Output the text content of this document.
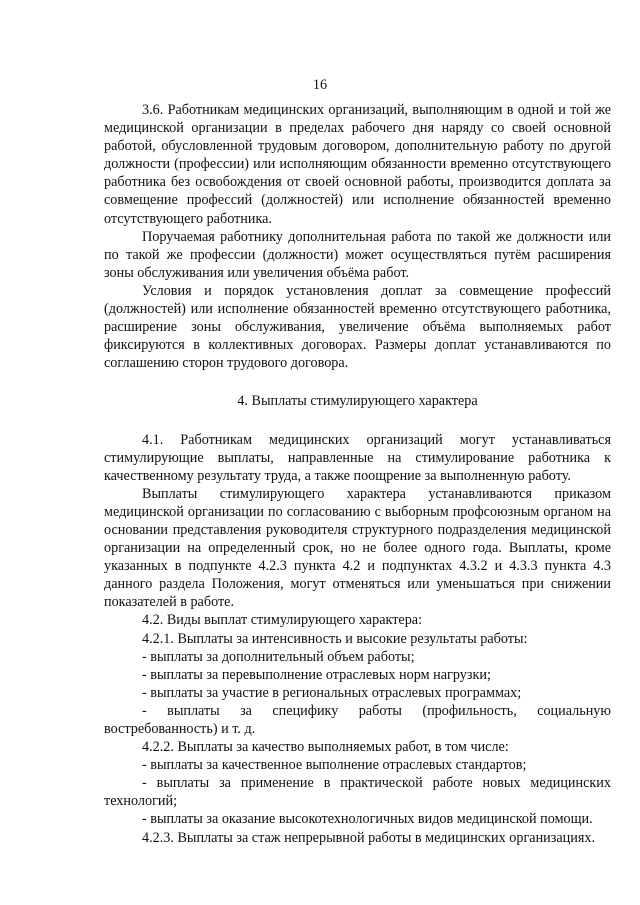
16

3.6. Работникам медицинских организаций, выполняющим в одной и той же медицинской организации в пределах рабочего дня наряду со своей основной работой, обусловленной трудовым договором, дополнительную работу по другой должности (профессии) или исполняющим обязанности временно отсутствующего работника без освобождения от своей основной работы, производится доплата за совмещение профессий (должностей) или исполнение обязанностей временно отсутствующего работника.

Поручаемая работнику дополнительная работа по такой же должности или по такой же профессии (должности) может осуществляться путём расширения зоны обслуживания или увеличения объёма работ.

Условия и порядок установления доплат за совмещение профессий (должностей) или исполнение обязанностей временно отсутствующего работника, расширение зоны обслуживания, увеличение объёма выполняемых работ фиксируются в коллективных договорах. Размеры доплат устанавливаются по соглашению сторон трудового договора.

4. Выплаты стимулирующего характера

4.1. Работникам медицинских организаций могут устанавливаться стимулирующие выплаты, направленные на стимулирование работника к качественному результату труда, а также поощрение за выполненную работу.

Выплаты стимулирующего характера устанавливаются приказом медицинской организации по согласованию с выборным профсоюзным органом на основании представления руководителя структурного подразделения медицинской организации на определенный срок, но не более одного года. Выплаты, кроме указанных в подпункте 4.2.3 пункта 4.2 и подпунктах 4.3.2 и 4.3.3 пункта 4.3 данного раздела Положения, могут отменяться или уменьшаться при снижении показателей в работе.

4.2. Виды выплат стимулирующего характера:

4.2.1. Выплаты за интенсивность и высокие результаты работы:

- выплаты за дополнительный объем работы;

- выплаты за перевыполнение отраслевых норм нагрузки;

- выплаты за участие в региональных отраслевых программах;

- выплаты за специфику работы (профильность, социальную востребованность) и т. д.

4.2.2. Выплаты за качество выполняемых работ, в том числе:

- выплаты за качественное выполнение отраслевых стандартов;

- выплаты за применение в практической работе новых медицинских технологий;

- выплаты за оказание высокотехнологичных видов медицинской помощи.

4.2.3. Выплаты за стаж непрерывной работы в медицинских организациях.
